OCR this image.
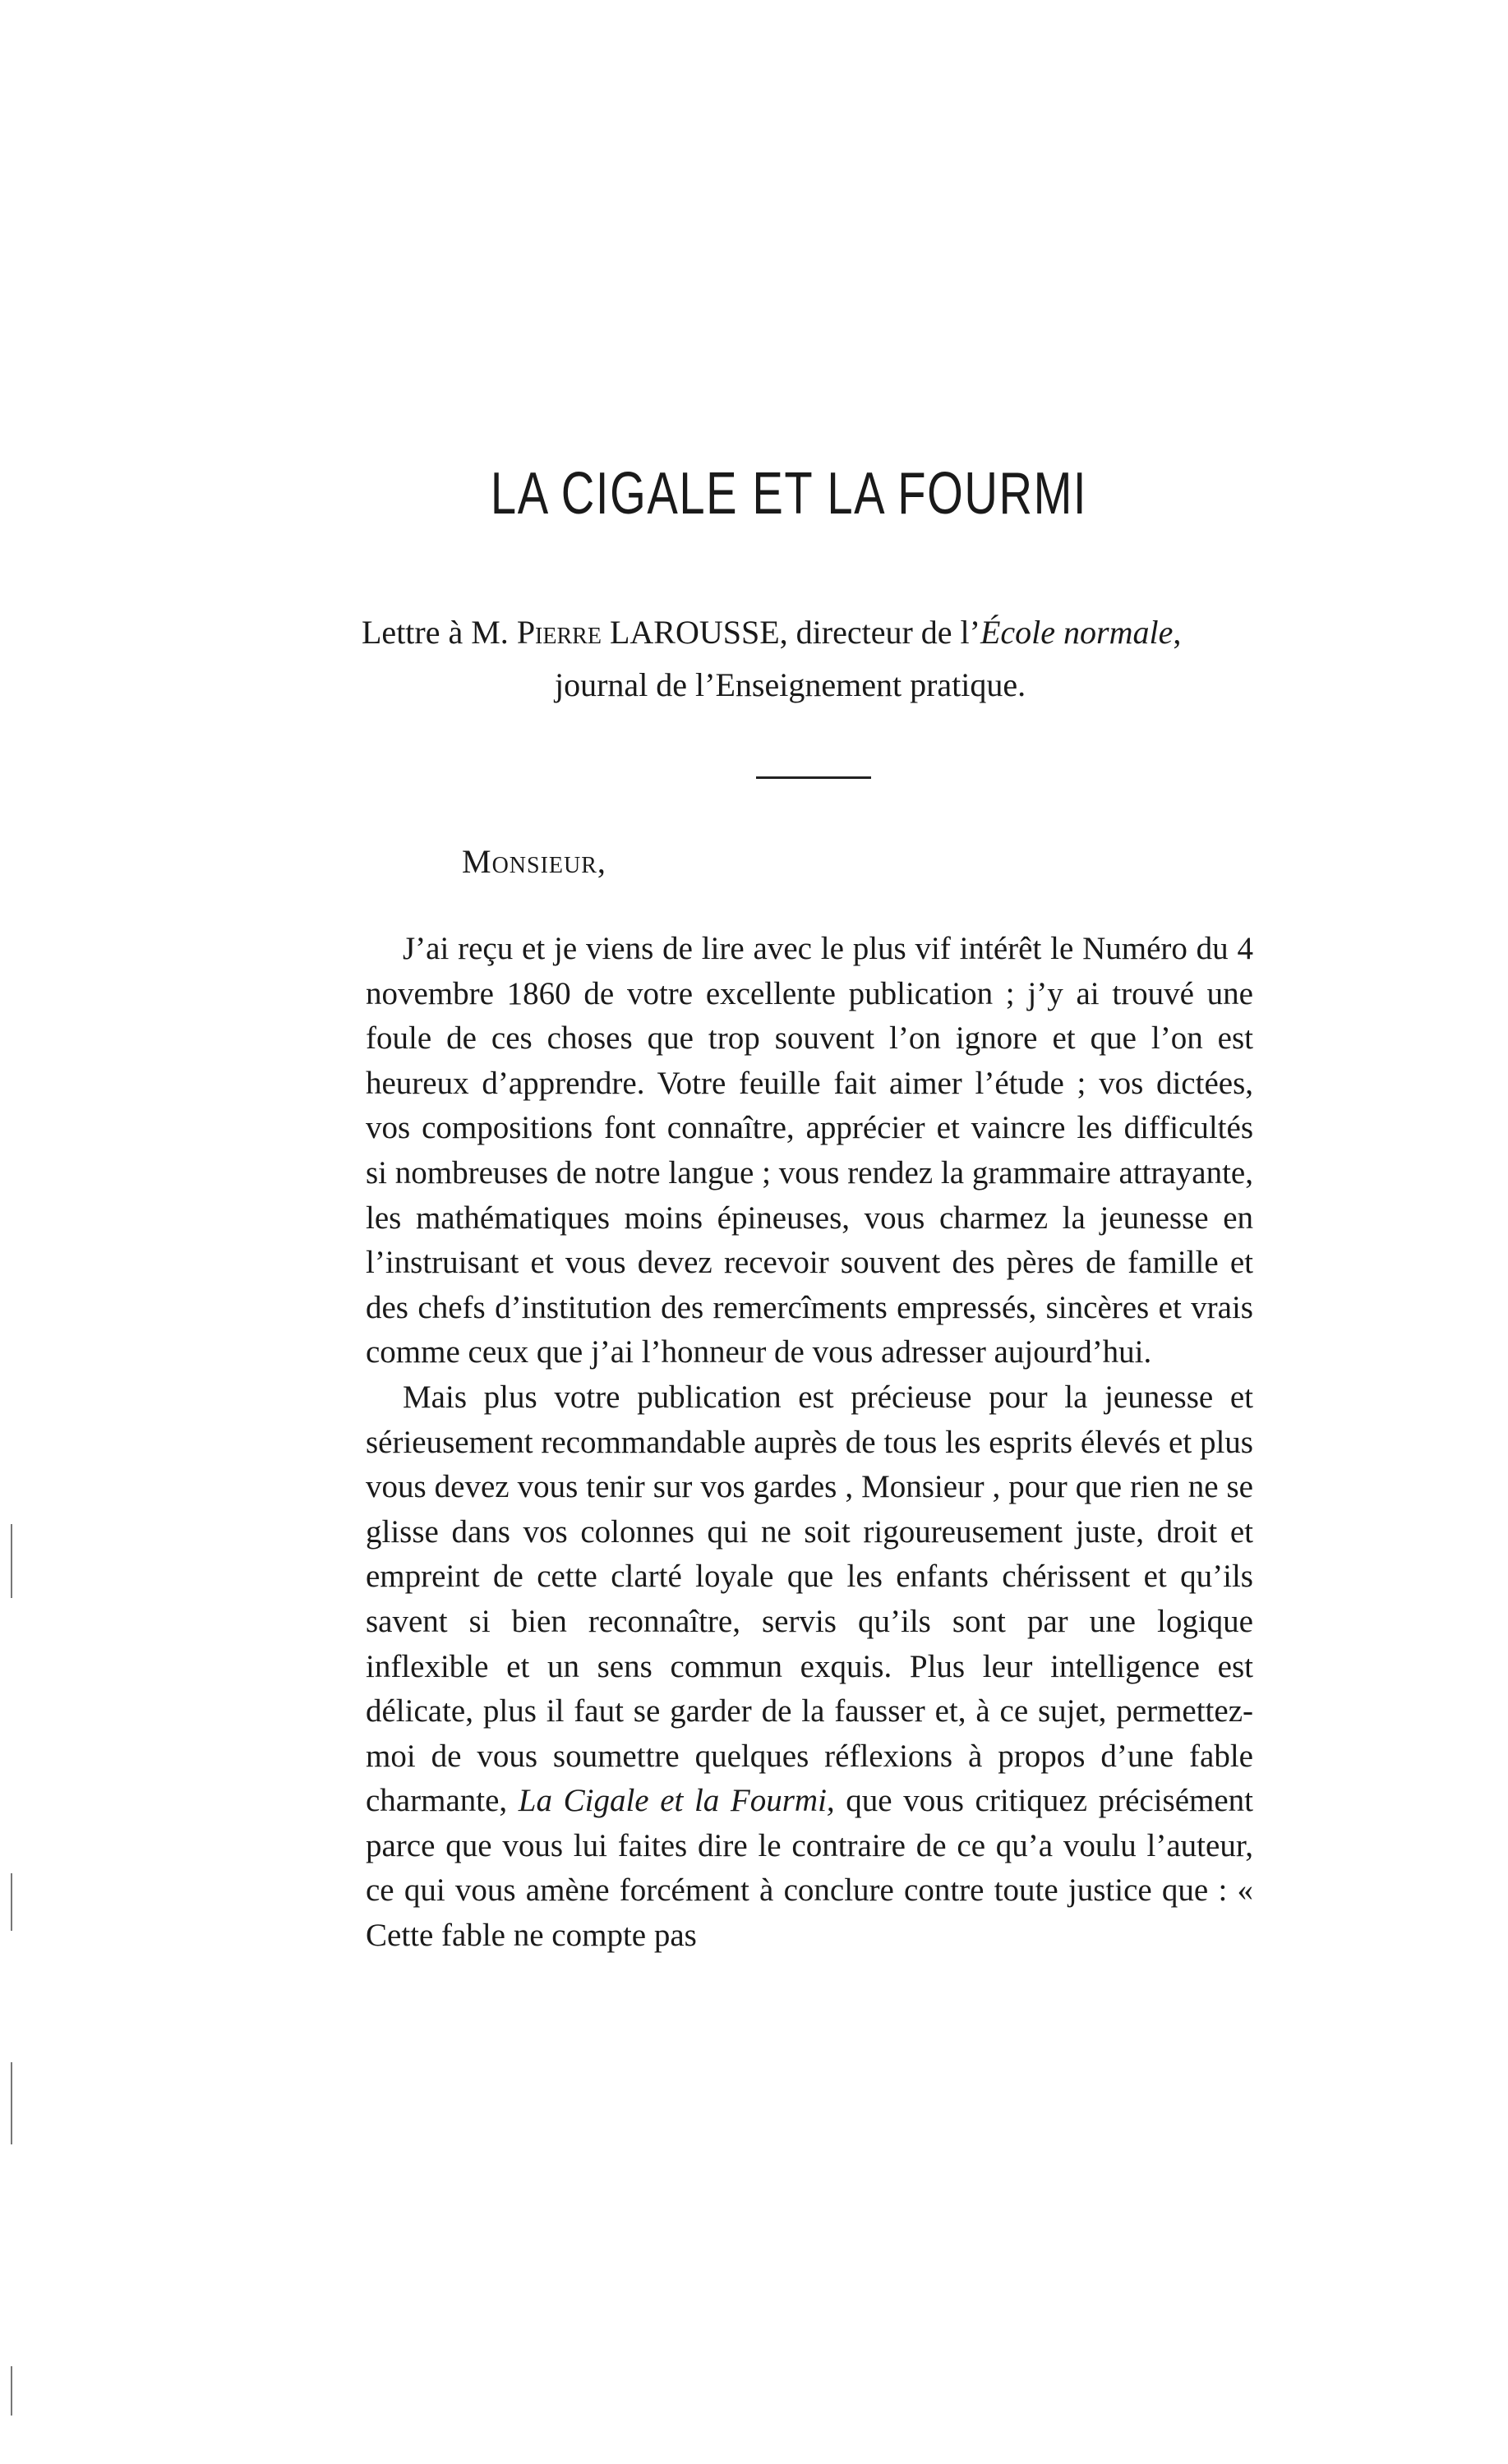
LA CIGALE ET LA FOURMI
Lettre à M. Pierre LAROUSSE, directeur de l’École normale,
journal de l’Enseignement pratique.
Monsieur,

J’ai reçu et je viens de lire avec le plus vif intérêt le Numéro du 4 novembre 1860 de votre excellente publication ; j’y ai trouvé une foule de ces choses que trop souvent l’on ignore et que l’on est heureux d’apprendre. Votre feuille fait aimer l’étude ; vos dictées, vos compositions font connaître, apprécier et vaincre les difficultés si nombreuses de notre langue ; vous rendez la grammaire attrayante, les mathématiques moins épineuses, vous charmez la jeunesse en l’instruisant et vous devez recevoir souvent des pères de famille et des chefs d’institution des remercîments empressés, sincères et vrais comme ceux que j’ai l’honneur de vous adresser aujourd’hui.

Mais plus votre publication est précieuse pour la jeunesse et sérieusement recommandable auprès de tous les esprits élevés et plus vous devez vous tenir sur vos gardes , Monsieur , pour que rien ne se glisse dans vos colonnes qui ne soit rigoureusement juste, droit et empreint de cette clarté loyale que les enfants chérissent et qu’ils savent si bien reconnaître, servis qu’ils sont par une logique inflexible et un sens commun exquis. Plus leur intelligence est délicate, plus il faut se garder de la fausser et, à ce sujet, permettez-moi de vous soumettre quelques réflexions à propos d’une fable charmante, La Cigale et la Fourmi, que vous critiquez précisément parce que vous lui faites dire le contraire de ce qu’a voulu l’auteur, ce qui vous amène forcément à conclure contre toute justice que : « Cette fable ne compte pas
